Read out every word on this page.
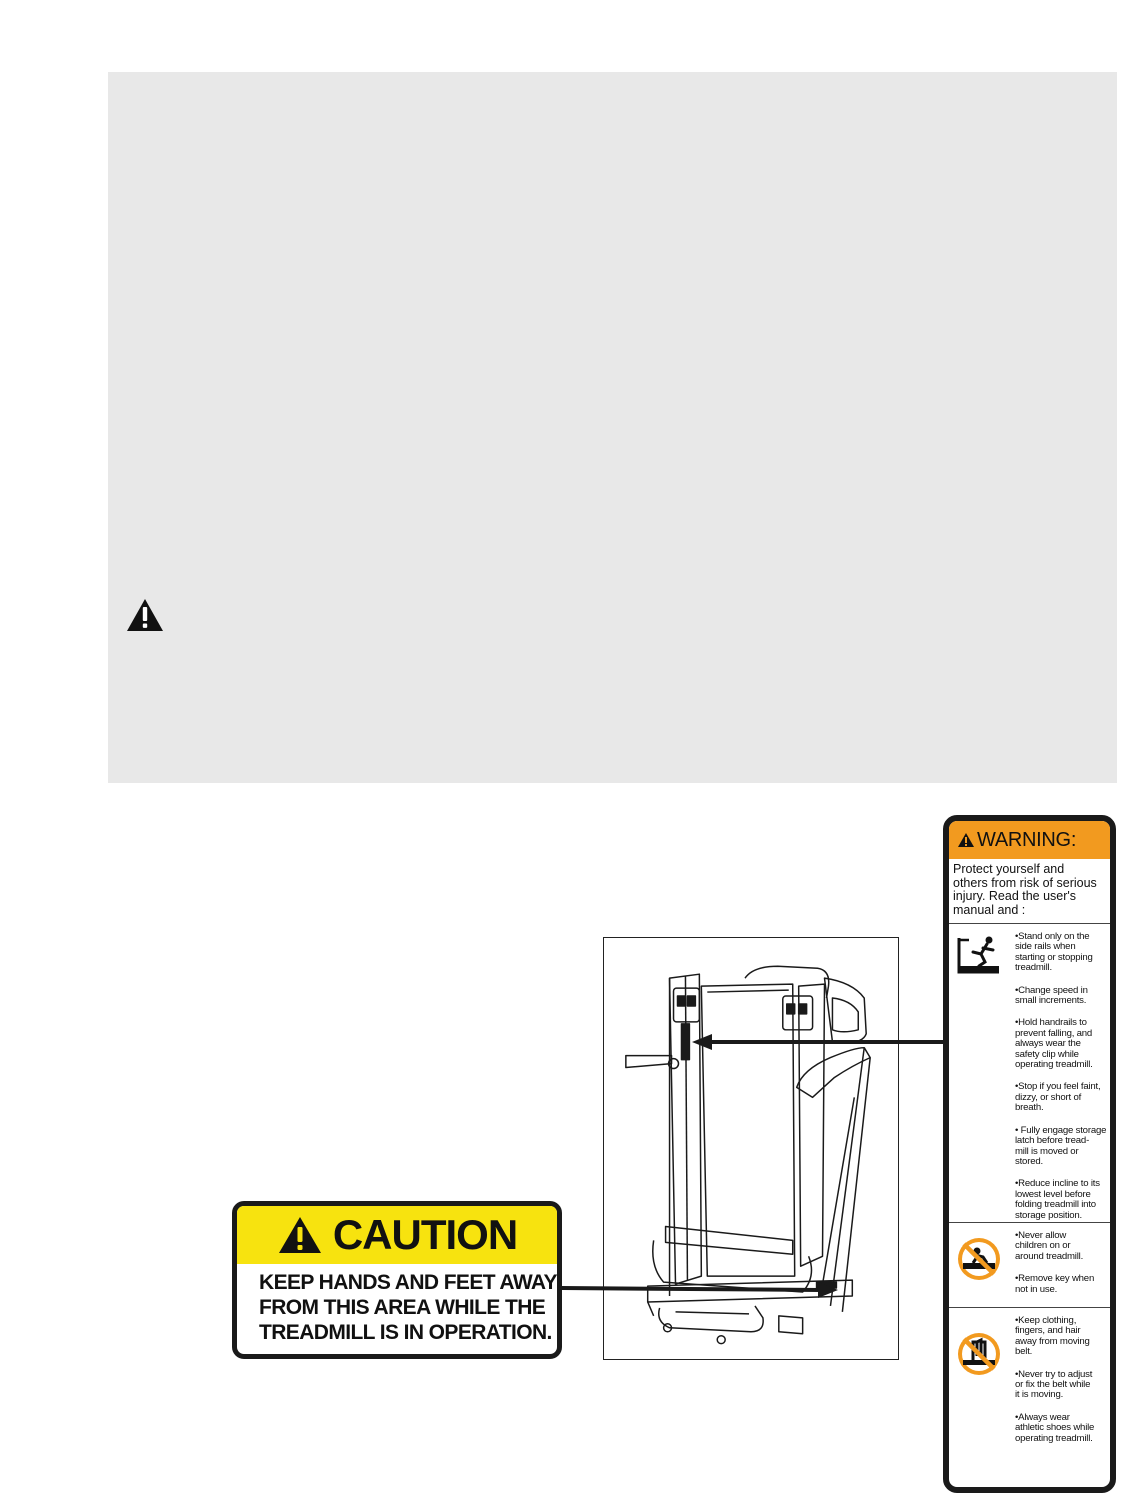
CAUTION
KEEP HANDS AND FEET AWAY
FROM THIS AREA WHILE THE
TREADMILL IS IN OPERATION.
WARNING:
Protect yourself and
others from risk of serious
injury. Read the user's
manual and :
•Stand only on the
side rails when
starting or stopping
treadmill.
•Change speed in
small increments.
•Hold handrails to
prevent falling, and
always wear the
safety clip while
operating treadmill.
•Stop if you feel faint,
dizzy, or short of
breath.
• Fully engage storage
latch before tread-
mill is moved or
stored.
•Reduce incline to its
lowest level before
folding treadmill into
storage position.
•Never allow
children on or
around treadmill.
•Remove key when
not in use.
•Keep clothing,
fingers, and hair
away from moving
belt.
•Never try to adjust
or fix the belt while
it is moving.
•Always wear
athletic shoes while
operating treadmill.
